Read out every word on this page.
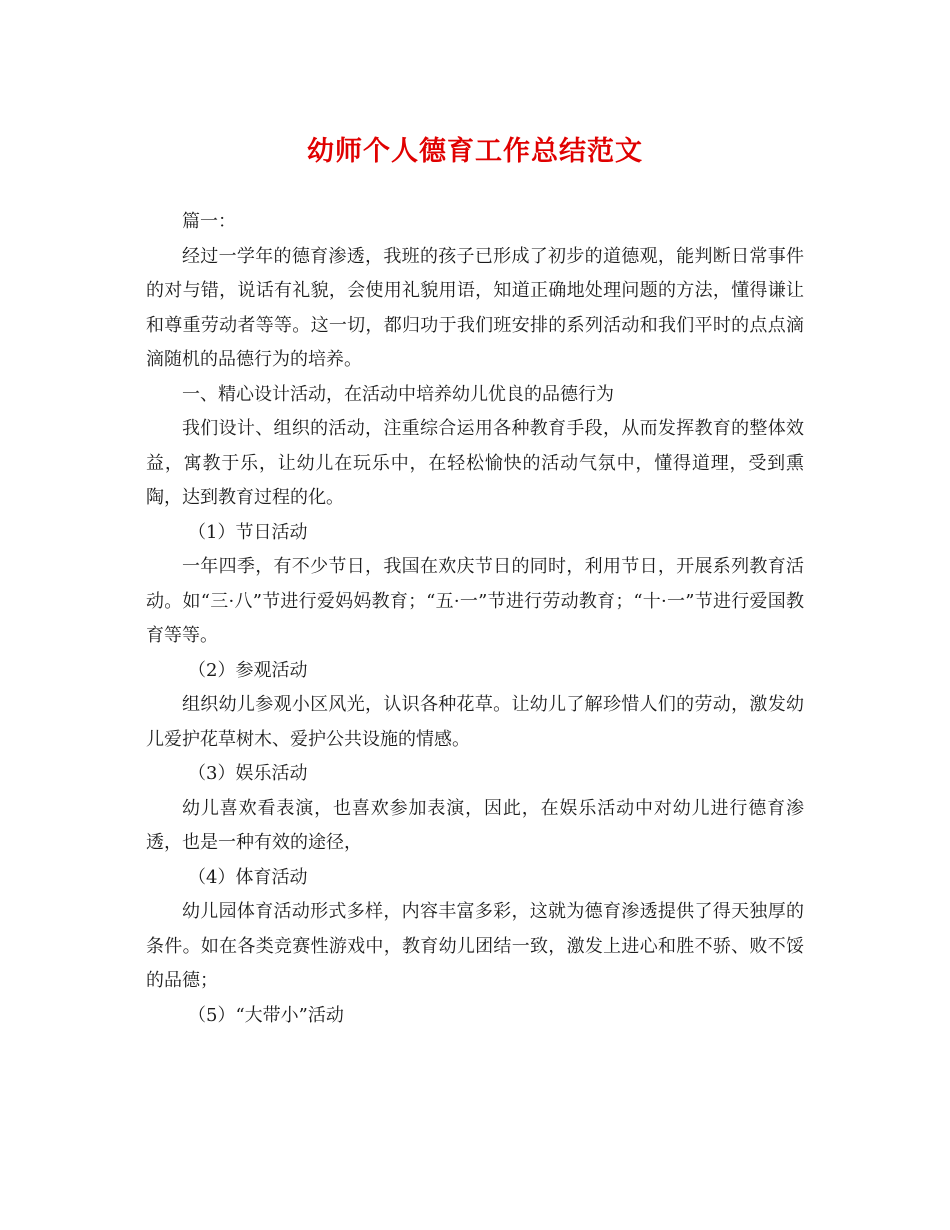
幼师个人德育工作总结范文

篇一：

经过一学年的德育渗透，我班的孩子已形成了初步的道德观，能判断日常事件的对与错，说话有礼貌，会使用礼貌用语，知道正确地处理问题的方法，懂得谦让和尊重劳动者等等。这一切，都归功于我们班安排的系列活动和我们平时的点点滴滴随机的品德行为的培养。

一、精心设计活动，在活动中培养幼儿优良的品德行为

我们设计、组织的活动，注重综合运用各种教育手段，从而发挥教育的整体效益，寓教于乐，让幼儿在玩乐中，在轻松愉快的活动气氛中，懂得道理，受到熏陶，达到教育过程的化。

（1）节日活动

一年四季，有不少节日，我国在欢庆节日的同时，利用节日，开展系列教育活动。如“三·八”节进行爱妈妈教育；“五·一”节进行劳动教育；“十·一”节进行爱国教育等等。

（2）参观活动

组织幼儿参观小区风光，认识各种花草。让幼儿了解珍惜人们的劳动，激发幼儿爱护花草树木、爱护公共设施的情感。

（3）娱乐活动

幼儿喜欢看表演，也喜欢参加表演，因此，在娱乐活动中对幼儿进行德育渗透，也是一种有效的途径，

（4）体育活动

幼儿园体育活动形式多样，内容丰富多彩，这就为德育渗透提供了得天独厚的条件。如在各类竞赛性游戏中，教育幼儿团结一致，激发上进心和胜不骄、败不馁的品德；

（5）“大带小”活动
